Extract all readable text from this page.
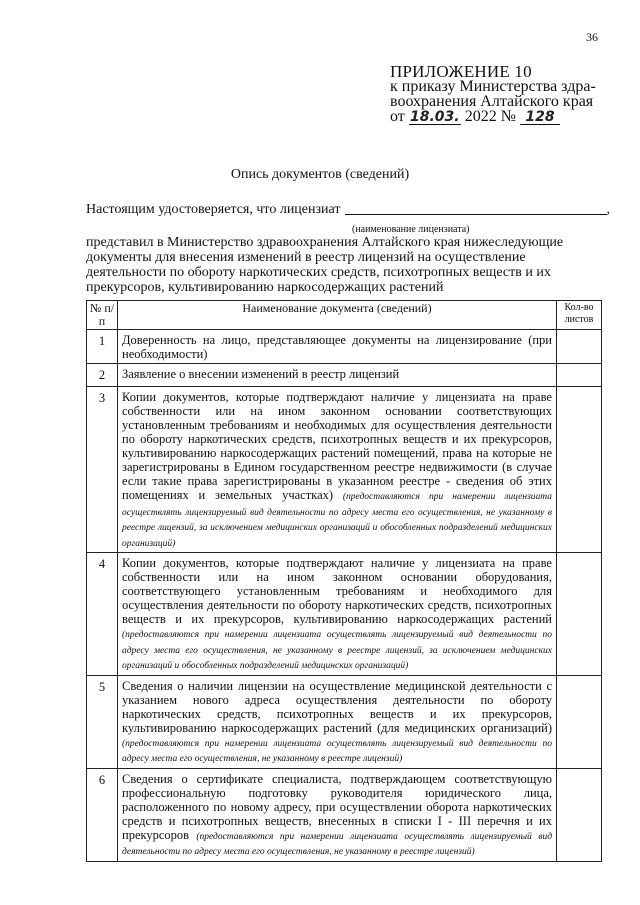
36
ПРИЛОЖЕНИЕ 10
к приказу Министерства здра-
воохранения Алтайского края
от 18.03. 2022 № 128
Опись документов (сведений)
Настоящим удостоверяется, что лицензиат	,
(наименование лицензиата)
представил в Министерство здравоохранения Алтайского края нижеследующие документы для внесения изменений в реестр лицензий на осуществление деятельности по обороту наркотических средств, психотропных веществ и их прекурсоров, культивированию наркосодержащих растений
№ п/п	Наименование документа (сведений)	Кол-во листов
1	Доверенность на лицо, представляющее документы на лицензирование (при необходимости)	
2	Заявление о внесении изменений в реестр лицензий	
3	Копии документов, которые подтверждают наличие у лицензиата на праве собственности или на ином законном основании соответствующих установленным требованиям и необходимых для осуществления деятельности по обороту наркотических средств, психотропных веществ и их прекурсоров, культивированию наркосодержащих растений помещений, права на которые не зарегистрированы в Едином государственном реестре недвижимости (в случае если такие права зарегистрированы в указанном реестре - сведения об этих помещениях и земельных участках) (предоставляются при намерении лицензиата осуществлять лицензируемый вид деятельности по адресу места его осуществления, не указанному в реестре лицензий, за исключением медицинских организаций и обособленных подразделений медицинских организаций)	
4	Копии документов, которые подтверждают наличие у лицензиата на праве собственности или на ином законном основании оборудования, соответствующего установленным требованиям и необходимого для осуществления деятельности по обороту наркотических средств, психотропных веществ и их прекурсоров, культивированию наркосодержащих растений (предоставляются при намерении лицензиата осуществлять лицензируемый вид деятельности по адресу места его осуществления, не указанному в реестре лицензий, за исключением медицинских организаций и обособленных подразделений медицинских организаций)	
5	Сведения о наличии лицензии на осуществление медицинской деятельности с указанием нового адреса осуществления деятельности по обороту наркотических средств, психотропных веществ и их прекурсоров, культивированию наркосодержащих растений (для медицинских организаций) (предоставляются при намерении лицензиата осуществлять лицензируемый вид деятельности по адресу места его осуществления, не указанному в реестре лицензий)	
6	Сведения о сертификате специалиста, подтверждающем соответствующую профессиональную подготовку руководителя юридического лица, расположенного по новому адресу, при осуществлении оборота наркотических средств и психотропных веществ, внесенных в списки I - III перечня и их прекурсоров (предоставляются при намерении лицензиата осуществлять лицензируемый вид деятельности по адресу места его осуществления, не указанному в реестре лицензий)	
